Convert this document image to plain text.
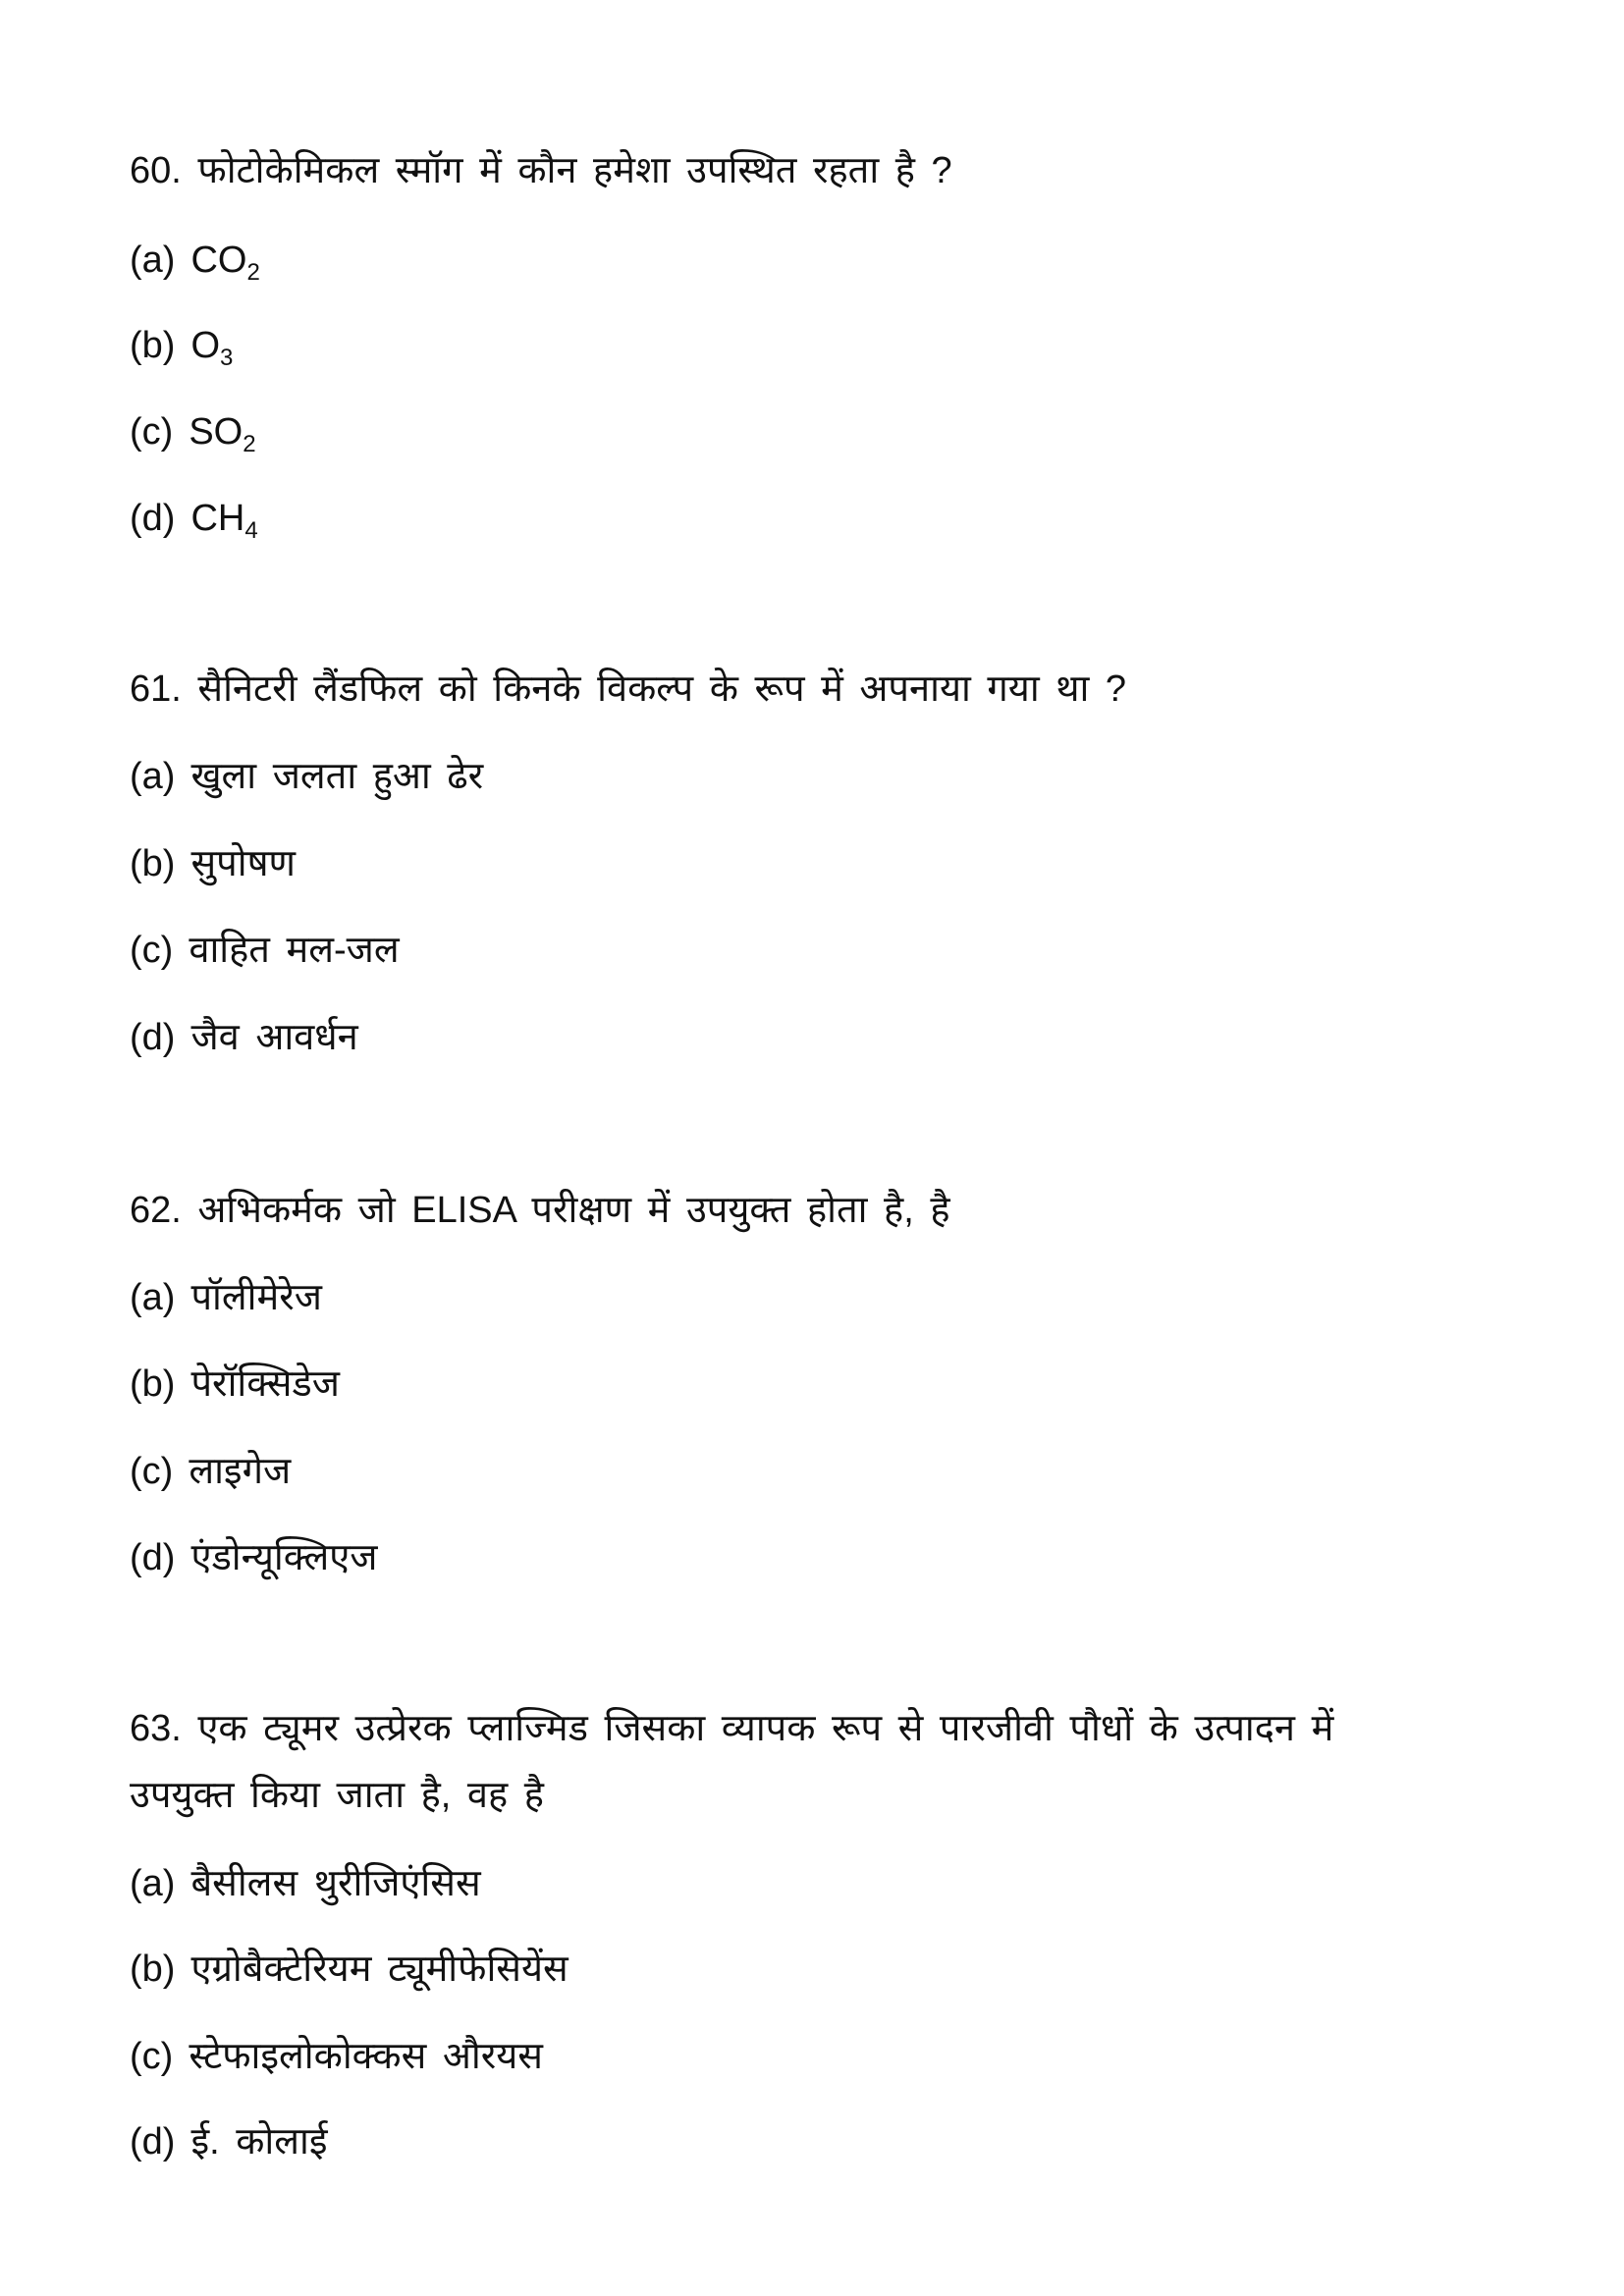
60. फोटोकेमिकल स्मॉग में कौन हमेशा उपस्थित रहता है ?
(a) $CO_2$
(b) $O_3$
(c) $SO_2$
(d) $CH_4$
61. सैनिटरी लैंडफिल को किनके विकल्प के रूप में अपनाया गया था ?
(a) खुला जलता हुआ ढेर
(b) सुपोषण
(c) वाहित मल-जल
(d) जैव आवर्धन
62. अभिकर्मक जो ELISA परीक्षण में उपयुक्त होता है, है
(a) पॉलीमेरेज
(b) पेरॉक्सिडेज
(c) लाइगेज
(d) एंडोन्यूक्लिएज
63. एक ट्यूमर उत्प्रेरक प्लाज्मिड जिसका व्यापक रूप से पारजीवी पौधों के उत्पादन में
उपयुक्त किया जाता है, वह है
(a) बैसीलस थुरीजिएंसिस
(b) एग्रोबैक्टेरियम ट्यूमीफेसियेंस
(c) स्टेफाइलोकोक्कस औरयस
(d) ई. कोलाई
